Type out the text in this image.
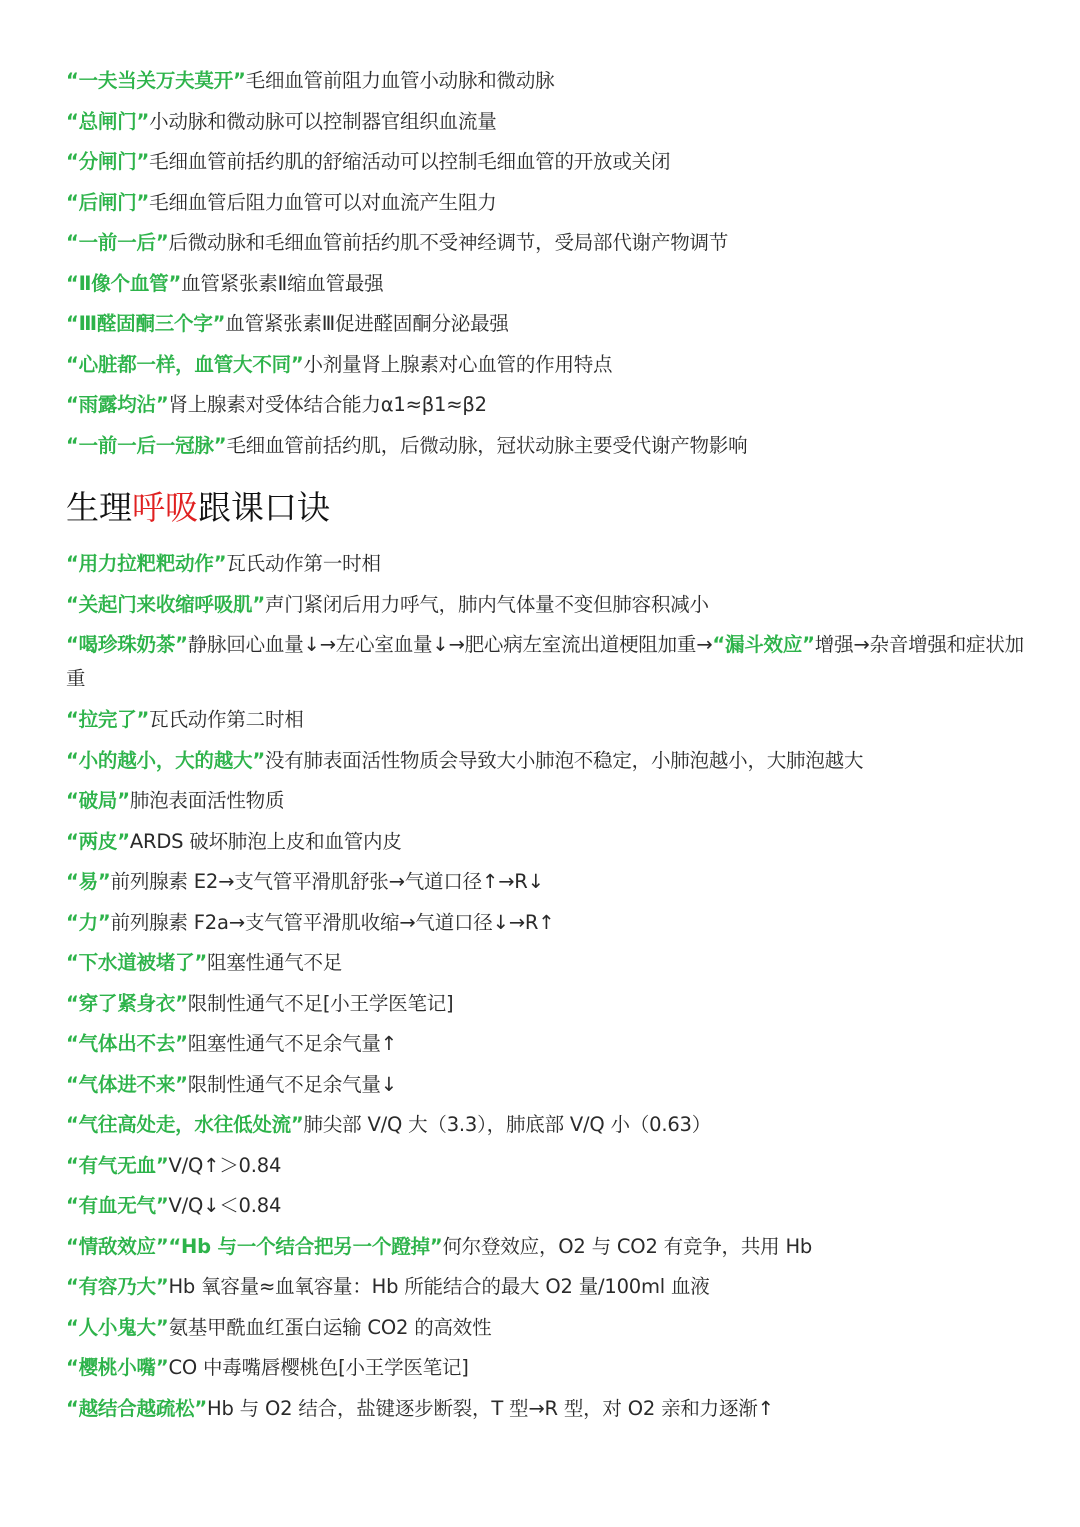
“一夫当关万夫莫开”毛细血管前阻力血管小动脉和微动脉
“总闸门”小动脉和微动脉可以控制器官组织血流量
“分闸门”毛细血管前括约肌的舒缩活动可以控制毛细血管的开放或关闭
“后闸门”毛细血管后阻力血管可以对血流产生阻力
“一前一后”后微动脉和毛细血管前括约肌不受神经调节，受局部代谢产物调节
“Ⅱ像个血管”血管紧张素Ⅱ缩血管最强
“Ⅲ醛固酮三个字”血管紧张素Ⅲ促进醛固酮分泌最强
“心脏都一样，血管大不同”小剂量肾上腺素对心血管的作用特点
“雨露均沾”肾上腺素对受体结合能力α1≈β1≈β2
“一前一后一冠脉”毛细血管前括约肌，后微动脉，冠状动脉主要受代谢产物影响
生理呼吸跟课口诀
“用力拉粑粑动作”瓦氏动作第一时相
“关起门来收缩呼吸肌”声门紧闭后用力呼气，肺内气体量不变但肺容积减小
“喝珍珠奶茶”静脉回心血量↓→左心室血量↓→肥心病左室流出道梗阻加重→“漏斗效应”增强→杂音增强和症状加重
“拉完了”瓦氏动作第二时相
“小的越小，大的越大”没有肺表面活性物质会导致大小肺泡不稳定，小肺泡越小，大肺泡越大
“破局”肺泡表面活性物质
“两皮”ARDS 破坏肺泡上皮和血管内皮
“易”前列腺素 E2→支气管平滑肌舒张→气道口径↑→R↓
“力”前列腺素 F2a→支气管平滑肌收缩→气道口径↓→R↑
“下水道被堵了”阻塞性通气不足
“穿了紧身衣”限制性通气不足[小王学医笔记]
“气体出不去”阻塞性通气不足余气量↑
“气体进不来”限制性通气不足余气量↓
“气往高处走，水往低处流”肺尖部 V/Q 大（3.3），肺底部 V/Q 小（0.63）
“有气无血”V/Q↑＞0.84
“有血无气”V/Q↓＜0.84
“情敌效应”“Hb 与一个结合把另一个蹬掉”何尔登效应，O2 与 CO2 有竞争，共用 Hb
“有容乃大”Hb 氧容量≈血氧容量：Hb 所能结合的最大 O2 量/100ml 血液
“人小鬼大”氨基甲酰血红蛋白运输 CO2 的高效性
“樱桃小嘴”CO 中毒嘴唇樱桃色[小王学医笔记]
“越结合越疏松”Hb 与 O2 结合，盐键逐步断裂，T 型→R 型，对 O2 亲和力逐渐↑
